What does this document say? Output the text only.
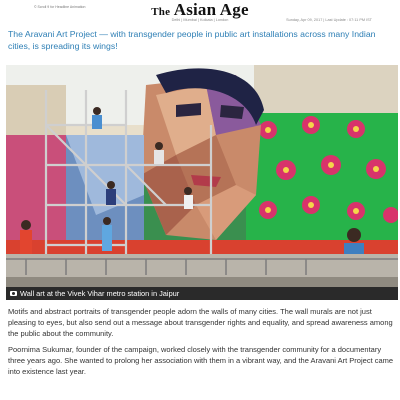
© Scroll 9 for Headline Animation	The Asian Age
Delhi | Mumbai | Kolkata | London	Sunday, Apr 09, 2017 | Last Update : 07:11 PM IST
The Aravani Art Project — with transgender people in public art installations across many Indian cities, is spreading its wings!
Wall art at the Vivek Vihar metro station in Jaipur

Motifs and abstract portraits of transgender people adorn the walls of many cities. The wall murals are not just pleasing to eyes, but also send out a message about transgender rights and equality, and spread awareness among the public about the community.

Poornima Sukumar, founder of the campaign, worked closely with the transgender community for a documentary three years ago. She wanted to prolong her association with them in a vibrant way, and the Aravani Art Project came into existence last year.
